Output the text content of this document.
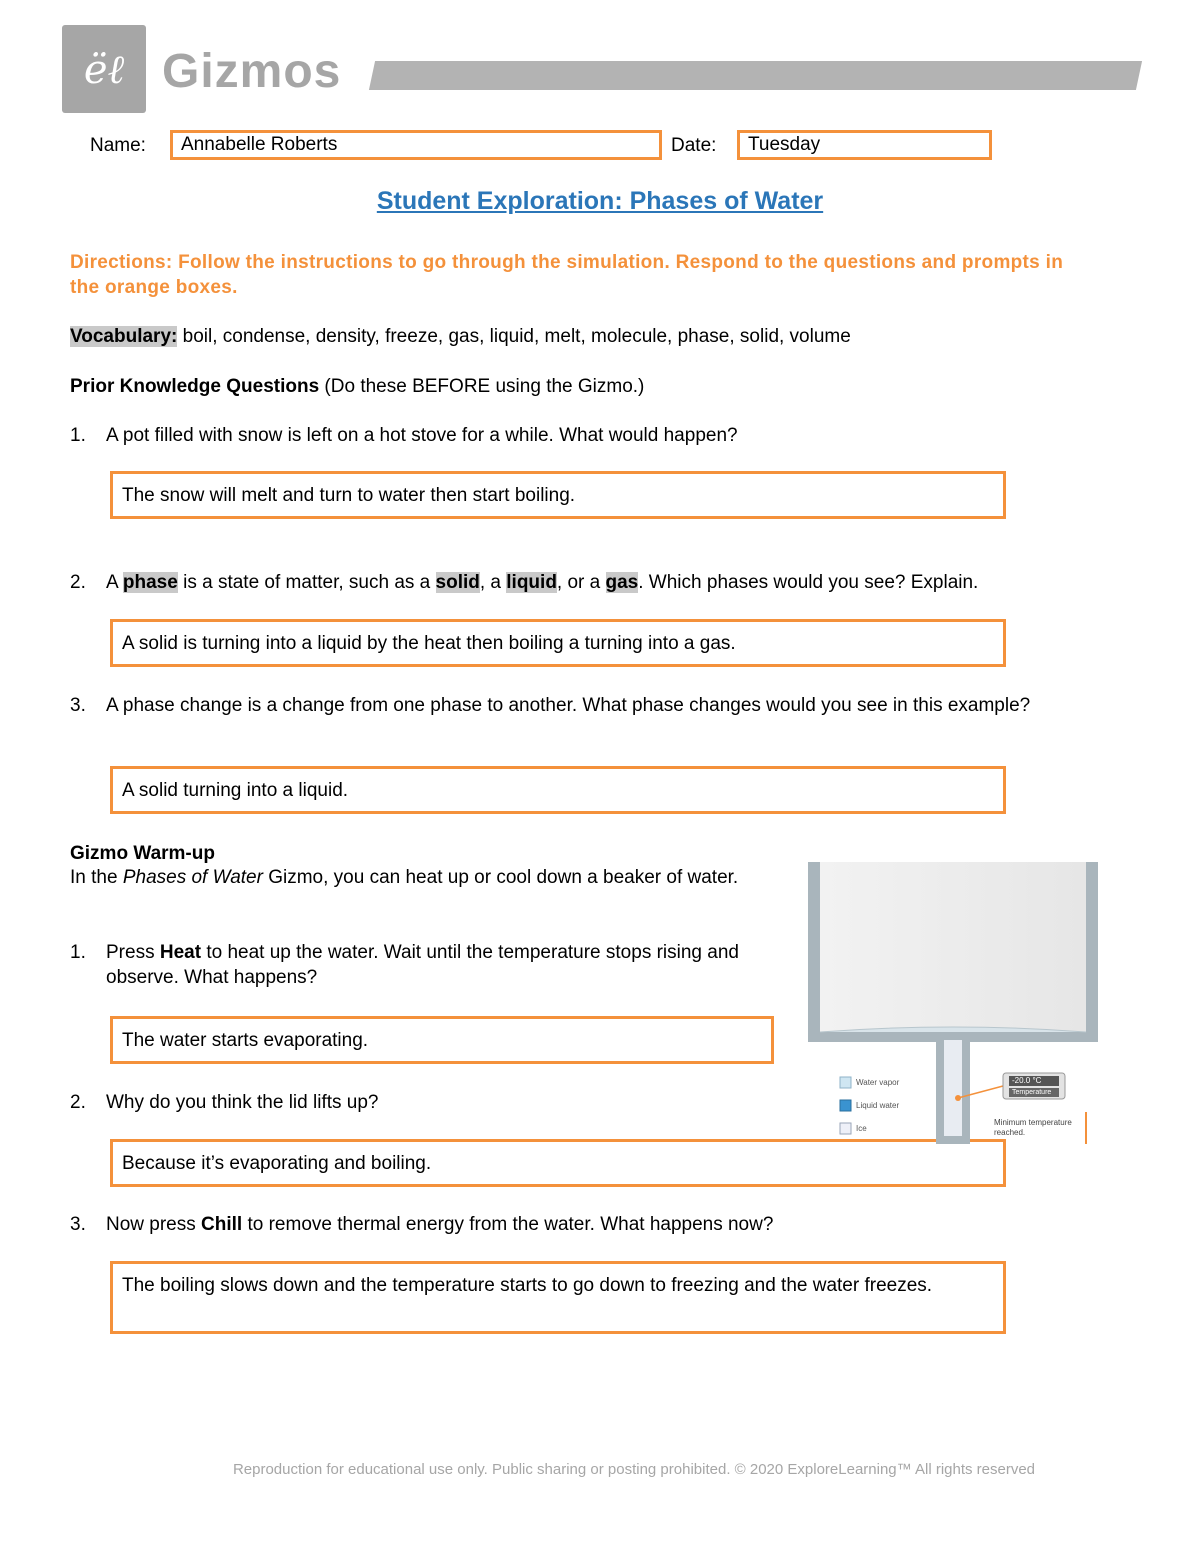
ëℓ Gizmos
Name:	Annabelle Roberts	Date:	Tuesday
Student Exploration: Phases of Water
Directions: Follow the instructions to go through the simulation. Respond to the questions and prompts in the orange boxes.
Vocabulary: boil, condense, density, freeze, gas, liquid, melt, molecule, phase, solid, volume
Prior Knowledge Questions (Do these BEFORE using the Gizmo.)
1.	A pot filled with snow is left on a hot stove for a while. What would happen?
The snow will melt and turn to water then start boiling.
2.	A phase is a state of matter, such as a solid, a liquid, or a gas. Which phases would you see? Explain.
A solid is turning into a liquid by the heat then boiling a turning into a gas.
3.	A phase change is a change from one phase to another. What phase changes would you see in this example?
A solid turning into a liquid.
Gizmo Warm-up
In the Phases of Water Gizmo, you can heat up or cool down a beaker of water.
1.	Press Heat to heat up the water. Wait until the temperature stops rising and observe. What happens?
The water starts evaporating.
2.	Why do you think the lid lifts up?
Because it’s evaporating and boiling.
Water vapor
Liquid water
Ice
-20.0 °C
Temperature
Minimum temperature reached.
3.	Now press Chill to remove thermal energy from the water. What happens now?
The boiling slows down and the temperature starts to go down to freezing and the water freezes.
Reproduction for educational use only. Public sharing or posting prohibited. © 2020 ExploreLearning™ All rights reserved
